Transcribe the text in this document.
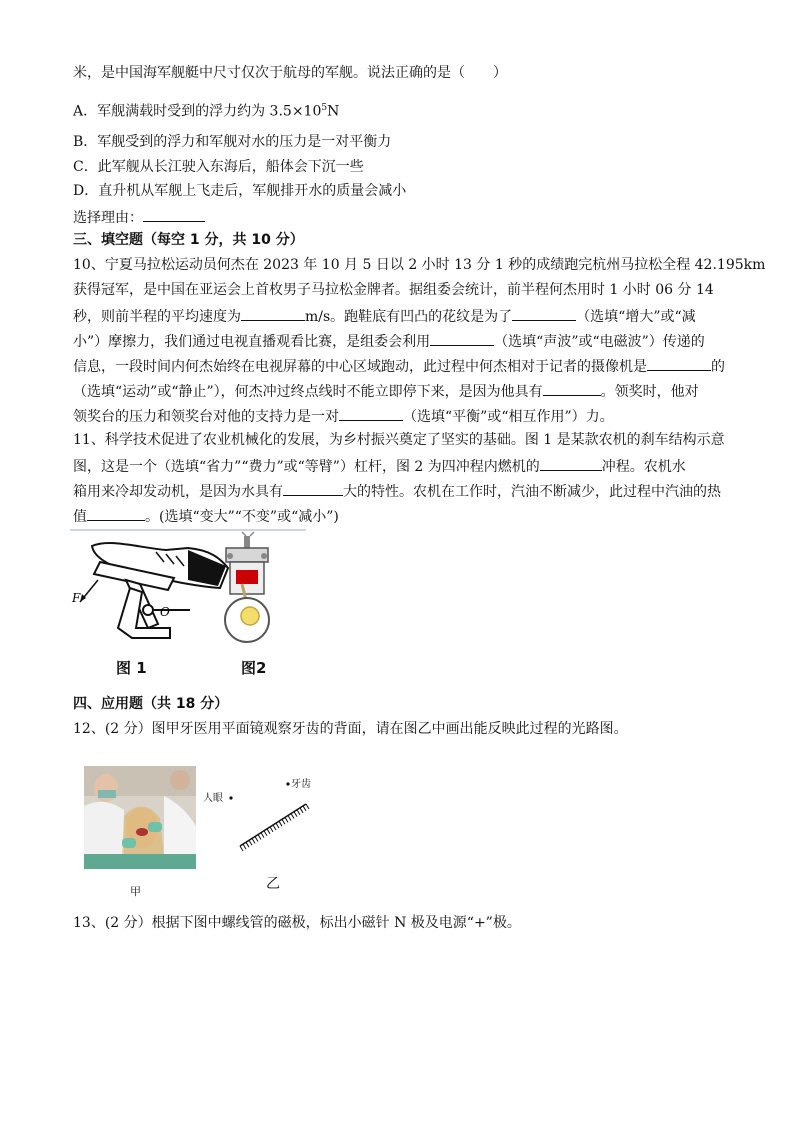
米，是中国海军舰艇中尺寸仅次于航母的军舰。说法正确的是（　　）
A．军舰满载时受到的浮力约为 $3.5\times 10^5N$
B．军舰受到的浮力和军舰对水的压力是一对平衡力
C．此军舰从长江驶入东海后，船体会下沉一些
D．直升机从军舰上飞走后，军舰排开水的质量会减小
选择理由：
三、填空题（每空 1 分，共 10 分）
10、宁夏马拉松运动员何杰在 2023 年 10 月 5 日以 2 小时 13 分 1 秒的成绩跑完杭州马拉松全程 42.195km
获得冠军，是中国在亚运会上首枚男子马拉松金牌者。据组委会统计，前半程何杰用时 1 小时 06 分 14
秒，则前半程的平均速度为	m/s。跑鞋底有凹凸的花纹是为了	（选填“增大”或“减
小”）摩擦力，我们通过电视直播观看比赛，是组委会利用	（选填“声波”或“电磁波”）传递的
信息，一段时间内何杰始终在电视屏幕的中心区域跑动，此过程中何杰相对于记者的摄像机是	的
（选填“运动”或“静止”），何杰冲过终点线时不能立即停下来，是因为他具有	。领奖时，他对
领奖台的压力和领奖台对他的支持力是一对	（选填“平衡”或“相互作用”）力。
11、科学技术促进了农业机械化的发展，为乡村振兴奠定了坚实的基础。图 1 是某款农机的刹车结构示意
图，这是一个（选填“省力”“费力”或“等臂”）杠杆，图 2 为四冲程内燃机的	冲程。农机水
箱用来冷却发动机，是因为水具有	大的特性。农机在工作时，汽油不断减少，此过程中汽油的热
值	。(选填“变大”“不变”或“减小”)
F
O
图 1	图2
四、应用题（共 18 分）
12、(2 分）图甲牙医用平面镜观察牙齿的背面，请在图乙中画出能反映此过程的光路图。
甲
人眼
牙齿
乙
13、(2 分）根据下图中螺线管的磁极，标出小磁针 N 极及电源“+”极。
